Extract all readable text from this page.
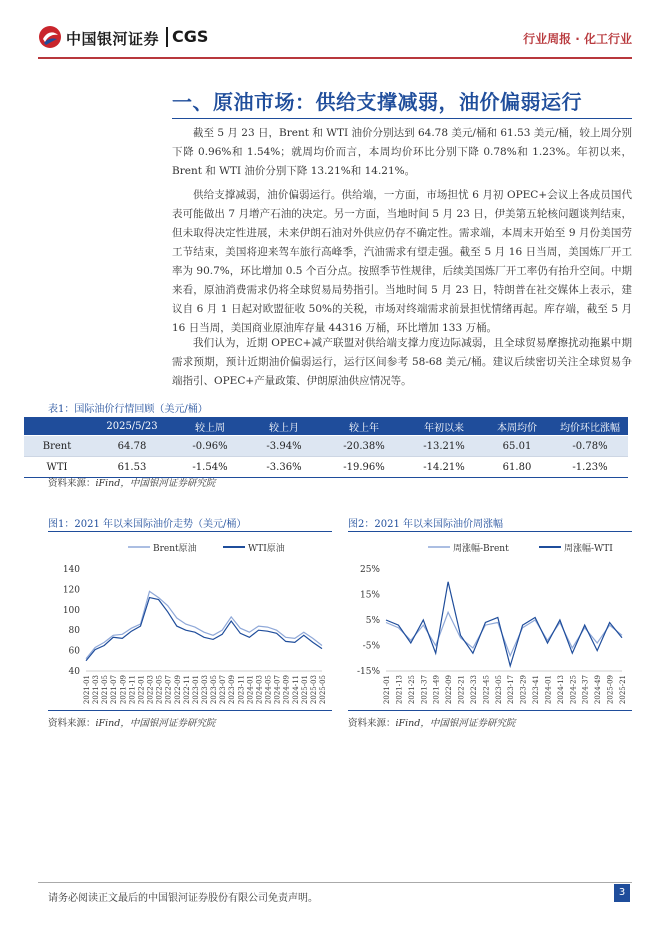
中国银河证券 CGS	行业周报 · 化工行业
一、原油市场：供给支撑减弱，油价偏弱运行

截至 5 月 23 日，Brent 和 WTI 油价分别达到 64.78 美元/桶和 61.53 美元/桶，较上周分别下降 0.96%和 1.54%；就周均价而言，本周均价环比分别下降 0.78%和 1.23%。年初以来，Brent 和 WTI 油价分别下降 13.21%和 14.21%。

供给支撑减弱，油价偏弱运行。供给端，一方面，市场担忧 6 月初 OPEC+会议上各成员国代表可能做出 7 月增产石油的决定。另一方面，当地时间 5 月 23 日，伊美第五轮核问题谈判结束，但未取得决定性进展，未来伊朗石油对外供应仍存不确定性。需求端，本周末开始至 9 月份美国劳工节结束，美国将迎来驾车旅行高峰季，汽油需求有望走强。截至 5 月 16 日当周，美国炼厂开工率为 90.7%，环比增加 0.5 个百分点。按照季节性规律，后续美国炼厂开工率仍有抬升空间。中期来看，原油消费需求仍将全球贸易局势指引。当地时间 5 月 23 日，特朗普在社交媒体上表示，建议自 6 月 1 日起对欧盟征收 50%的关税，市场对终端需求前景担忧情绪再起。库存端，截至 5 月 16 日当周，美国商业原油库存量 44316 万桶，环比增加 133 万桶。

我们认为，近期 OPEC+减产联盟对供给端支撑力度边际减弱，且全球贸易摩擦扰动拖累中期需求预期，预计近期油价偏弱运行，运行区间参考 58-68 美元/桶。建议后续密切关注全球贸易争端指引、OPEC+产量政策、伊朗原油供应情况等。

表1：国际油价行情回顾（美元/桶）
	2025/5/23	较上周	较上月	较上年	年初以来	本周均价	均价环比涨幅
Brent	64.78	-0.96%	-3.94%	-20.38%	-13.21%	65.01	-0.78%
WTI	61.53	-1.54%	-3.36%	-19.96%	-14.21%	61.80	-1.23%
资料来源：iFind，中国银河证券研究院
图1：2021 年以来国际油价走势（美元/桶）	图2：2021 年以来国际油价周涨幅
Brent原油	WTI原油
140
120
100
80
60
40
2021-01 2021-03 2021-05 2021-07 2021-09 2021-11 2022-01 2022-03 2022-05 2022-07 2022-09 2022-11 2023-01 2023-03 2023-05 2023-07 2023-09 2023-11 2024-01 2024-03 2024-05 2024-07 2024-09 2024-11 2025-01 2025-03 2025-05
周涨幅-Brent	周涨幅-WTI
25%
15%
5%
-5%
-15%
2021-01 2021-13 2021-25 2021-37 2021-49 2022-09 2022-21 2022-33 2022-45 2023-05 2023-17 2023-29 2023-41 2024-01 2024-13 2024-25 2024-37 2024-49 2025-09 2025-21
资料来源：iFind，中国银河证券研究院	资料来源：iFind，中国银河证券研究院
请务必阅读正文最后的中国银河证券股份有限公司免责声明。
3
